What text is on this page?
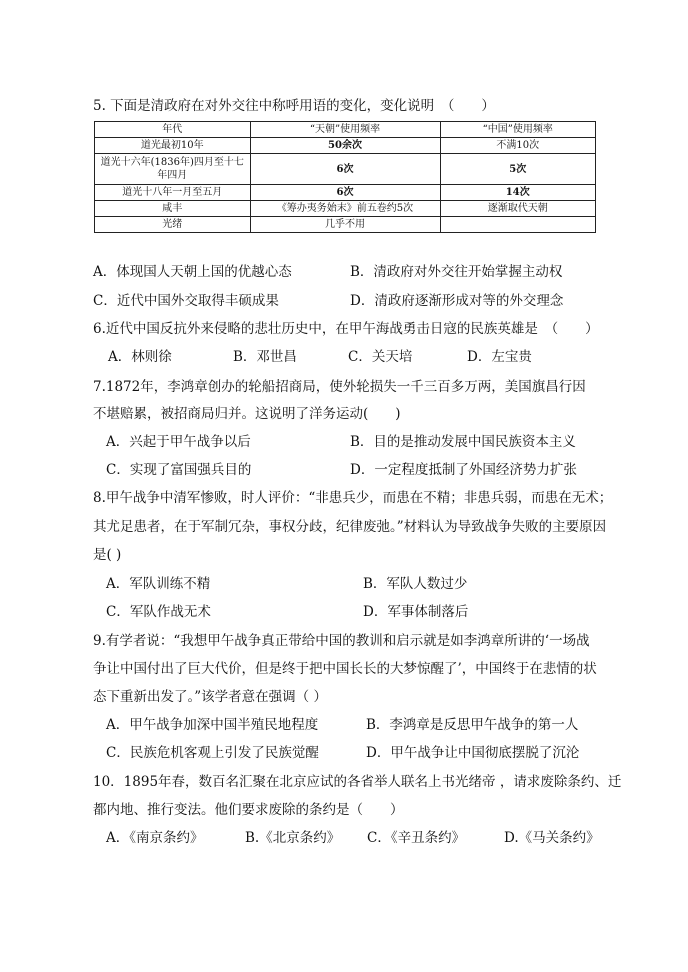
5. 下面是清政府在对外交往中称呼用语的变化，变化说明　（　　）
年代	“天朝”使用频率	“中国”使用频率
道光最初10年	50余次	不满10次
道光十六年(1836年)四月至十七年四月	6次	5次
道光十八年一月至五月	6次	14次
咸丰	《筹办夷务始末》前五卷约5次	逐渐取代天朝
光绪	几乎不用	
A．体现国人天朝上国的优越心态	B．清政府对外交往开始掌握主动权
C．近代中国外交取得丰硕成果	D．清政府逐渐形成对等的外交理念
6.近代中国反抗外来侵略的悲壮历史中，在甲午海战勇击日寇的民族英雄是　（　　）
A．林则徐	B．邓世昌	C．关天培	D．左宝贵
7.1872年，李鸿章创办的轮船招商局，使外轮损失一千三百多万两，美国旗昌行因
不堪赔累，被招商局归并。这说明了洋务运动(　　)
A．兴起于甲午战争以后	B．目的是推动发展中国民族资本主义
C．实现了富国强兵目的	D．一定程度抵制了外国经济势力扩张
8.甲午战争中清军惨败，时人评价：“非患兵少，而患在不精；非患兵弱，而患在无术；
其尤足患者，在于军制冗杂，事权分歧，纪律废弛。”材料认为导致战争失败的主要原因
是( )
A．军队训练不精	B．军队人数过少
C．军队作战无术	D．军事体制落后
9.有学者说：“我想甲午战争真正带给中国的教训和启示就是如李鸿章所讲的‘一场战
争让中国付出了巨大代价，但是终于把中国长长的大梦惊醒了’，中国终于在悲情的状
态下重新出发了。”该学者意在强调（ ）
A．甲午战争加深中国半殖民地程度	B．李鸿章是反思甲午战争的第一人
C．民族危机客观上引发了民族觉醒	D．甲午战争让中国彻底摆脱了沉沦
10．1895年春，数百名汇聚在北京应试的各省举人联名上书光绪帝 ，请求废除条约、迁
都内地、推行变法。他们要求废除的条约是（　　）
A．《南京条约》	B.《北京条约》 C．《辛丑条约》	D.《马关条约》
